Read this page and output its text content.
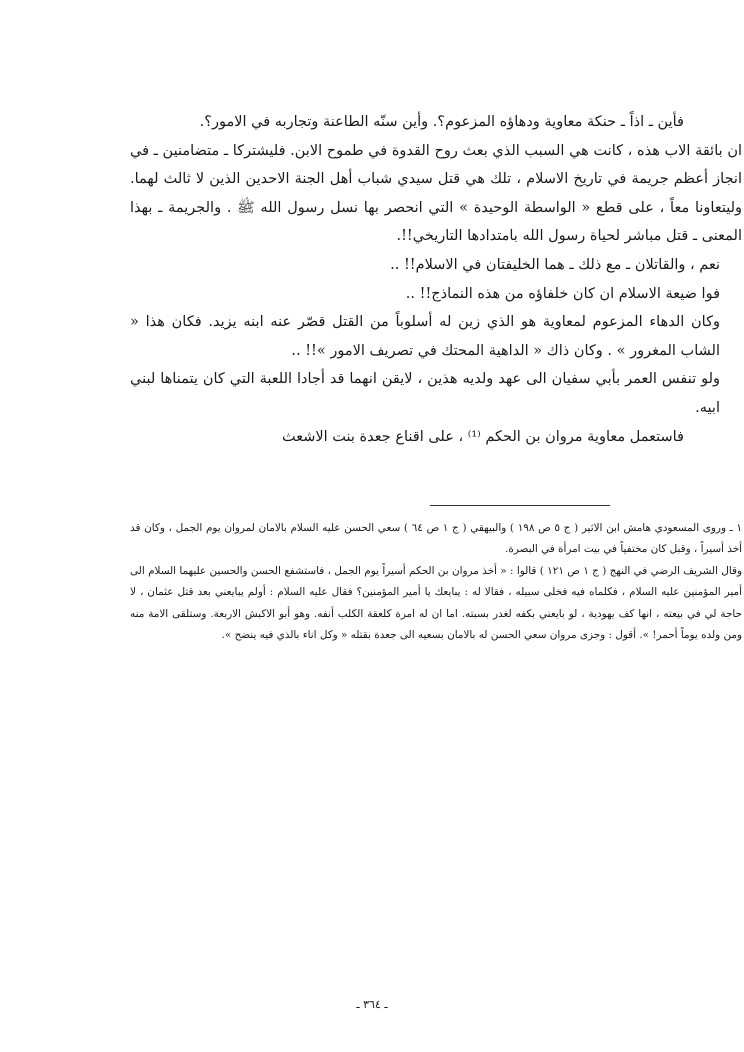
فأين ـ اذاً ـ حنكة معاوية ودهاؤه المزعوم؟. وأين سنّه الطاعنة وتجاربه في الامور؟.

ان بائقة الاب هذه ، كانت هي السبب الذي بعث روح القدوة في طموح الابن. فليشتركا ـ متضامنين ـ في انجاز أعظم جريمة في تاريخ الاسلام ، تلك هي قتل سيدي شباب أهل الجنة الاحدين الذين لا ثالث لهما. وليتعاونا معاً ، على قطع « الواسطة الوحيدة » التي انحصر بها نسل رسول الله ﷺ . والجريمة ـ بهذا المعنى ـ قتل مباشر لحياة رسول الله بامتدادها التاريخي!!.

نعم ، والقاتلان ـ مع ذلك ـ هما الخليفتان في الاسلام!! ..

فوا ضيعة الاسلام ان كان خلفاؤه من هذه النماذج!! ..

وكان الدهاء المزعوم لمعاوية هو الذي زين له أسلوباً من القتل قصّر عنه ابنه يزيد. فكان هذا « الشاب المغرور » . وكان ذاك « الداهية المحتك في تصريف الامور »!! ..

ولو تنفس العمر بأبي سفيان الى عهد ولديه هذين ، لايقن انهما قد أجادا اللعبة التي كان يتمناها لبني ابيه.

فاستعمل معاوية مروان بن الحكم ⁽¹⁾ ، على اقناع جعدة بنت الاشعث

١ ـ وروى المسعودي هامش ابن الاثير ( ج ٥ ص ١٩٨ ) والبيهقي ( ج ١ ص ٦٤ ) سعي الحسن عليه السلام بالامان لمروان يوم الجمل ، وكان قد أخذ أسيراً ، وقبل كان مختفياً في بيت امرأة في البصرة.

وقال الشريف الرضي في النهج ( ج ١ ص ١٢١ ) قالوا : « أخذ مروان بن الحكم أسيراً يوم الجمل ، فاستشفع الحسن والحسين عليهما السلام الى أمير المؤمنين عليه السلام ، فكلماه فيه فخلى سبيله ، فقالا له : يبايعك يا أمير المؤمنين؟ فقال عليه السلام : أولم يبايعني بعد قتل عثمان ، لا حاجة لي في بيعته ، انها كف يهودية ، لو بايعني بكفه لغدر بسبته. اما ان له امرة كلعقة الكلب أنفه. وهو أبو الاكبش الاربعة. وستلقى الامة منه ومن ولده يوماً أحمر! ». أقول : وجزى مروان سعي الحسن له بالامان بسعيه الى جعدة بقتله « وكل اناء بالذي فيه ينضح ».

ـ ٣٦٤ ـ
